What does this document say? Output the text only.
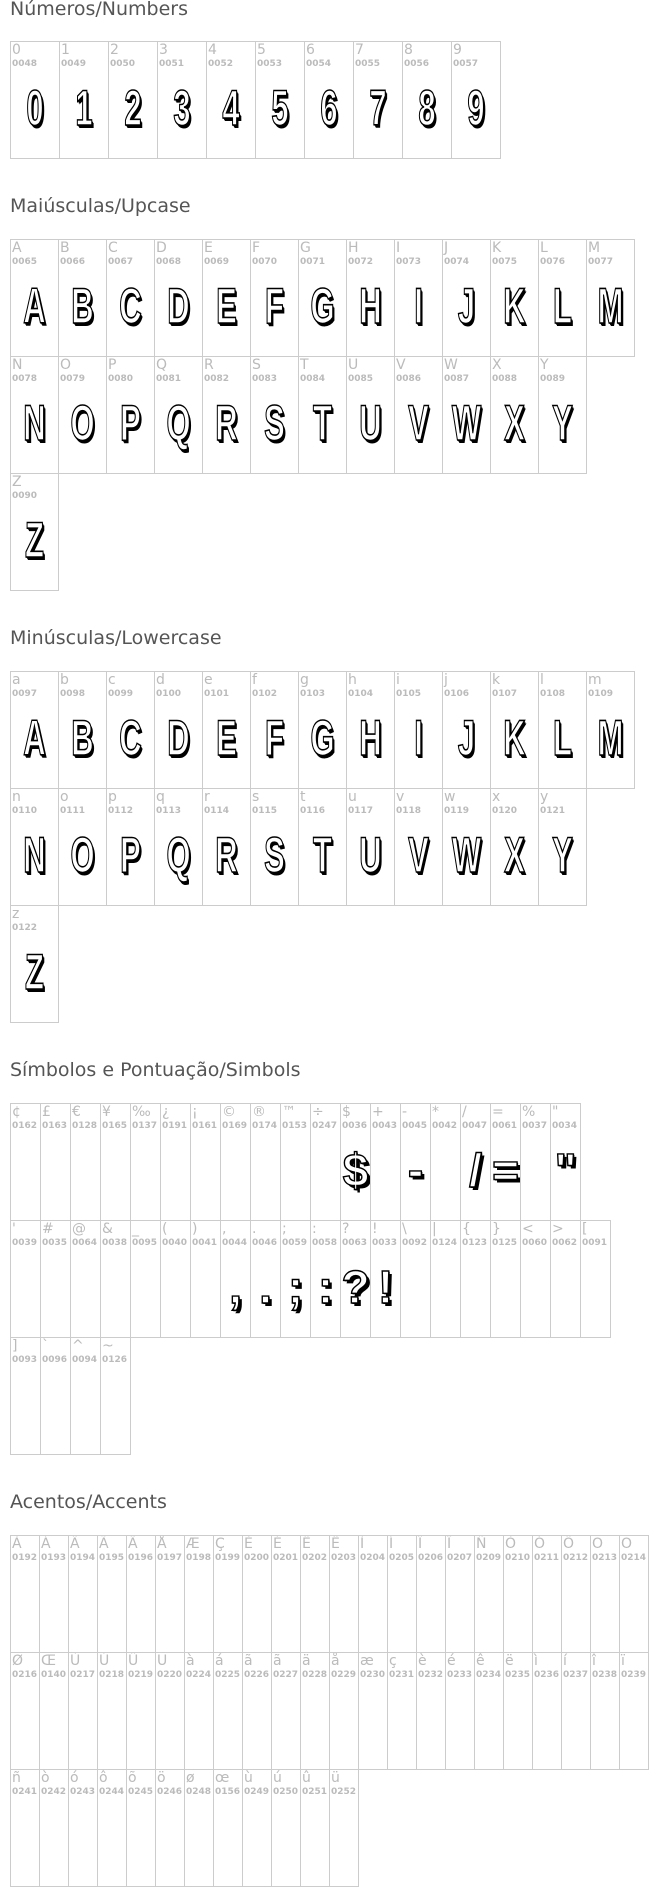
Números/Numbers
0
0048
0
1
0049
1
2
0050
2
3
0051
3
4
0052
4
5
0053
5
6
0054
6
7
0055
7
8
0056
8
9
0057
9
Maiúsculas/Upcase
A
0065
A
B
0066
B
C
0067
C
D
0068
D
E
0069
E
F
0070
F
G
0071
G
H
0072
H
I
0073
I
J
0074
J
K
0075
K
L
0076
L
M
0077
M
N
0078
N
O
0079
O
P
0080
P
Q
0081
Q
R
0082
R
S
0083
S
T
0084
T
U
0085
U
V
0086
V
W
0087
W
X
0088
X
Y
0089
Y
Z
0090
Z
Minúsculas/Lowercase
a
0097
A
b
0098
B
c
0099
C
d
0100
D
e
0101
E
f
0102
F
g
0103
G
h
0104
H
i
0105
I
j
0106
J
k
0107
K
l
0108
L
m
0109
M
n
0110
N
o
0111
O
p
0112
P
q
0113
Q
r
0114
R
s
0115
S
t
0116
T
u
0117
U
v
0118
V
w
0119
W
x
0120
X
y
0121
Y
z
0122
Z
Símbolos e Pontuação/Simbols
¢
0162
£
0163
€
0128
¥
0165
‰
0137
¿
0191
¡
0161
©
0169
®
0174
™
0153
÷
0247
$
0036
$
+
0043
-
0045
-
*
0042
/
0047
/
=
0061
=
%
0037
"
0034
"
'
0039
#
0035
@
0064
&
0038
_
0095
(
0040
)
0041
,
0044
,
.
0046
.
;
0059
;
:
0058
:
?
0063
?
!
0033
!
\
0092
|
0124
{
0123
}
0125
<
0060
>
0062
[
0091
]
0093
`
0096
^
0094
~
0126
Acentos/Accents
À
0192
Á
0193
Â
0194
Ã
0195
Ä
0196
Å
0197
Æ
0198
Ç
0199
È
0200
É
0201
Ê
0202
Ë
0203
Ì
0204
Í
0205
Î
0206
Ï
0207
Ñ
0209
Ò
0210
Ó
0211
Ô
0212
Õ
0213
Ö
0214
Ø
0216
Œ
0140
Ù
0217
Ú
0218
Û
0219
Ü
0220
à
0224
á
0225
ã
0226
ã
0227
ä
0228
å
0229
æ
0230
ç
0231
è
0232
é
0233
ê
0234
ë
0235
ì
0236
í
0237
î
0238
ï
0239
ñ
0241
ò
0242
ó
0243
ô
0244
õ
0245
ö
0246
ø
0248
œ
0156
ù
0249
ú
0250
û
0251
ü
0252
